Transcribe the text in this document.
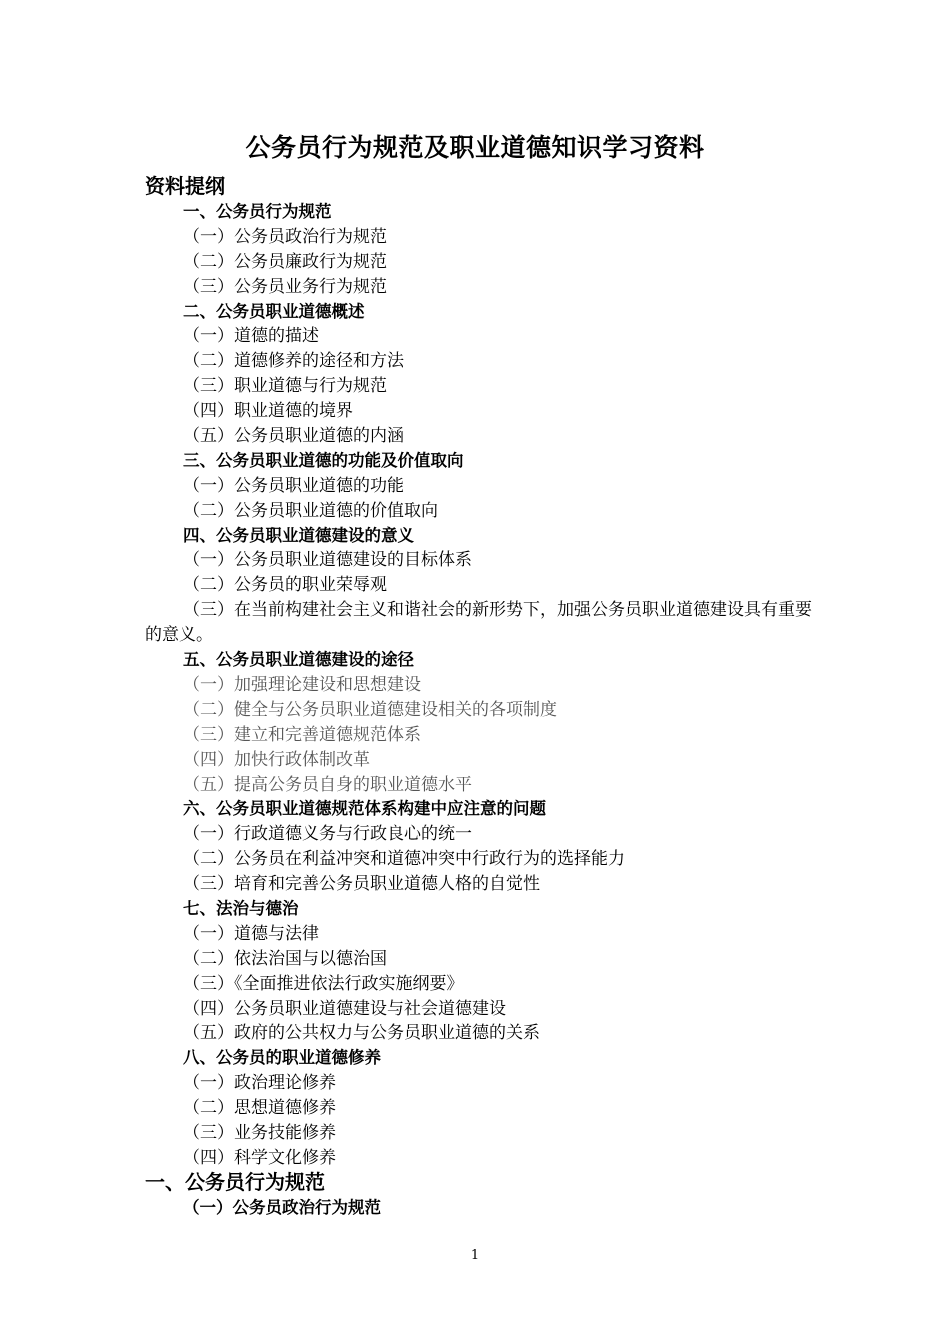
公务员行为规范及职业道德知识学习资料
资料提纲
一、公务员行为规范
（一）公务员政治行为规范
（二）公务员廉政行为规范
（三）公务员业务行为规范
二、公务员职业道德概述
（一）道德的描述
（二）道德修养的途径和方法
（三）职业道德与行为规范
（四）职业道德的境界
（五）公务员职业道德的内涵
三、公务员职业道德的功能及价值取向
（一）公务员职业道德的功能
（二）公务员职业道德的价值取向
四、公务员职业道德建设的意义
（一）公务员职业道德建设的目标体系
（二）公务员的职业荣辱观
（三）在当前构建社会主义和谐社会的新形势下，加强公务员职业道德建设具有重要的意义。
五、公务员职业道德建设的途径
（一）加强理论建设和思想建设
（二）健全与公务员职业道德建设相关的各项制度
（三）建立和完善道德规范体系
（四）加快行政体制改革
（五）提高公务员自身的职业道德水平
六、公务员职业道德规范体系构建中应注意的问题
（一）行政道德义务与行政良心的统一
（二）公务员在利益冲突和道德冲突中行政行为的选择能力
（三）培育和完善公务员职业道德人格的自觉性
七、法治与德治
（一）道德与法律
（二）依法治国与以德治国
（三）《全面推进依法行政实施纲要》
（四）公务员职业道德建设与社会道德建设
（五）政府的公共权力与公务员职业道德的关系
八、公务员的职业道德修养
（一）政治理论修养
（二）思想道德修养
（三）业务技能修养
（四）科学文化修养
一、公务员行为规范
（一）公务员政治行为规范
1
